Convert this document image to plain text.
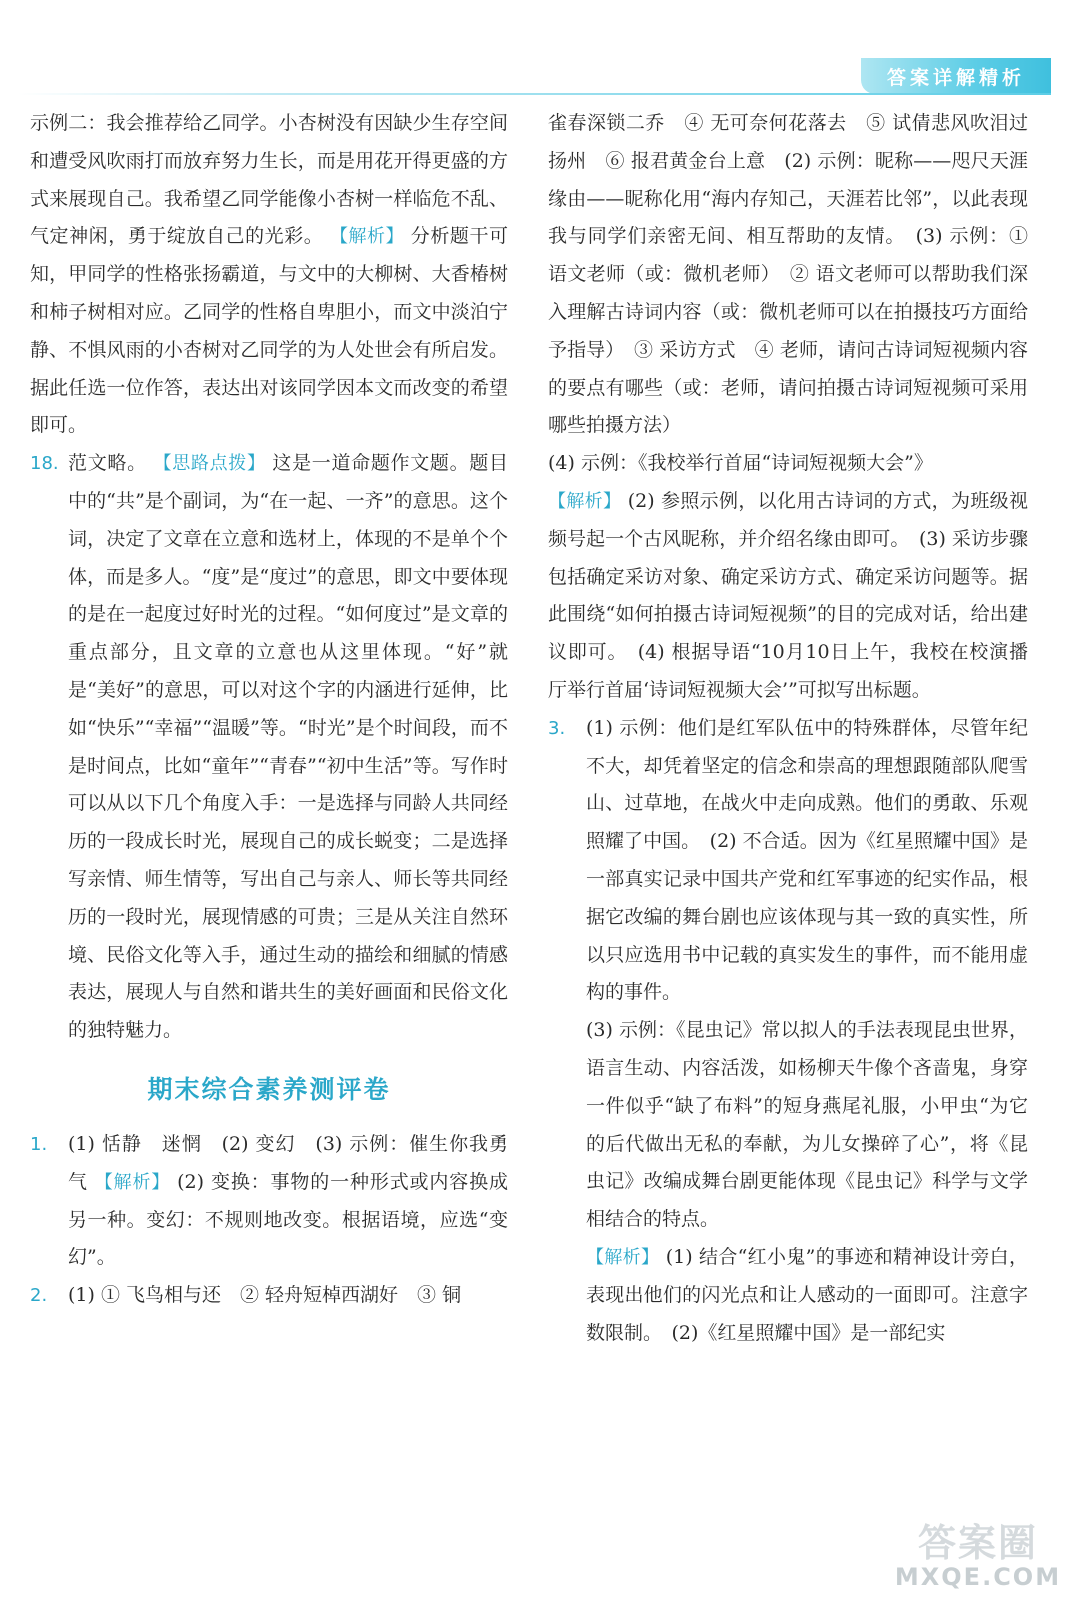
答案详解精析

示例二：我会推荐给乙同学。小杏树没有因缺少生存空间和遭受风吹雨打而放弃努力生长，而是用花开得更盛的方式来展现自己。我希望乙同学能像小杏树一样临危不乱、气定神闲，勇于绽放自己的光彩。 【解析】 分析题干可知，甲同学的性格张扬霸道，与文中的大柳树、大香椿树和柿子树相对应。乙同学的性格自卑胆小，而文中淡泊宁静、不惧风雨的小杏树对乙同学的为人处世会有所启发。据此任选一位作答，表达出对该同学因本文而改变的希望即可。

18. 范文略。 【思路点拨】 这是一道命题作文题。题目中的“共”是个副词，为“在一起、一齐”的意思。这个词，决定了文章在立意和选材上，体现的不是单个个体，而是多人。“度”是“度过”的意思，即文中要体现的是在一起度过好时光的过程。“如何度过”是文章的重点部分，且文章的立意也从这里体现。“好”就是“美好”的意思，可以对这个字的内涵进行延伸，比如“快乐”“幸福”“温暖”等。“时光”是个时间段，而不是时间点，比如“童年”“青春”“初中生活”等。写作时可以从以下几个角度入手：一是选择与同龄人共同经历的一段成长时光，展现自己的成长蜕变；二是选择写亲情、师生情等，写出自己与亲人、师长等共同经历的一段时光，展现情感的可贵；三是从关注自然环境、民俗文化等入手，通过生动的描绘和细腻的情感表达，展现人与自然和谐共生的美好画面和民俗文化的独特魅力。

期末综合素养测评卷

1. (1) 恬静　迷惘　(2) 变幻　(3) 示例：催生你我勇气 【解析】 (2) 变换：事物的一种形式或内容换成另一种。变幻：不规则地改变。根据语境，应选“变幻”。

2. (1) ① 飞鸟相与还　② 轻舟短棹西湖好　③ 铜

雀春深锁二乔　④ 无可奈何花落去　⑤ 试倩悲风吹泪过扬州　⑥ 报君黄金台上意　(2) 示例：昵称——咫尺天涯　缘由——昵称化用“海内存知己，天涯若比邻”，以此表现我与同学们亲密无间、相互帮助的友情。　(3) 示例：① 语文老师（或：微机老师）　② 语文老师可以帮助我们深入理解古诗词内容（或：微机老师可以在拍摄技巧方面给予指导）　③ 采访方式　④ 老师，请问古诗词短视频内容的要点有哪些（或：老师，请问拍摄古诗词短视频可采用哪些拍摄方法）

(4) 示例：《我校举行首届“诗词短视频大会”》

【解析】 (2) 参照示例，以化用古诗词的方式，为班级视频号起一个古风昵称，并介绍名缘由即可。　(3) 采访步骤包括确定采访对象、确定采访方式、确定采访问题等。据此围绕“如何拍摄古诗词短视频”的目的完成对话，给出建议即可。　(4) 根据导语“10月10日上午，我校在校演播厅举行首届‘诗词短视频大会’”可拟写出标题。

3. (1) 示例：他们是红军队伍中的特殊群体，尽管年纪不大，却凭着坚定的信念和崇高的理想跟随部队爬雪山、过草地，在战火中走向成熟。他们的勇敢、乐观照耀了中国。　(2) 不合适。因为《红星照耀中国》是一部真实记录中国共产党和红军事迹的纪实作品，根据它改编的舞台剧也应该体现与其一致的真实性，所以只应选用书中记载的真实发生的事件，而不能用虚构的事件。

(3) 示例：《昆虫记》常以拟人的手法表现昆虫世界，语言生动、内容活泼，如杨柳天牛像个吝啬鬼，身穿一件似乎“缺了布料”的短身燕尾礼服，小甲虫“为它的后代做出无私的奉献，为儿女操碎了心”，将《昆虫记》改编成舞台剧更能体现《昆虫记》科学与文学相结合的特点。

【解析】 (1) 结合“红小鬼”的事迹和精神设计旁白，表现出他们的闪光点和让人感动的一面即可。注意字数限制。　(2)《红星照耀中国》是一部纪实

答案圈
MXQE.COM
